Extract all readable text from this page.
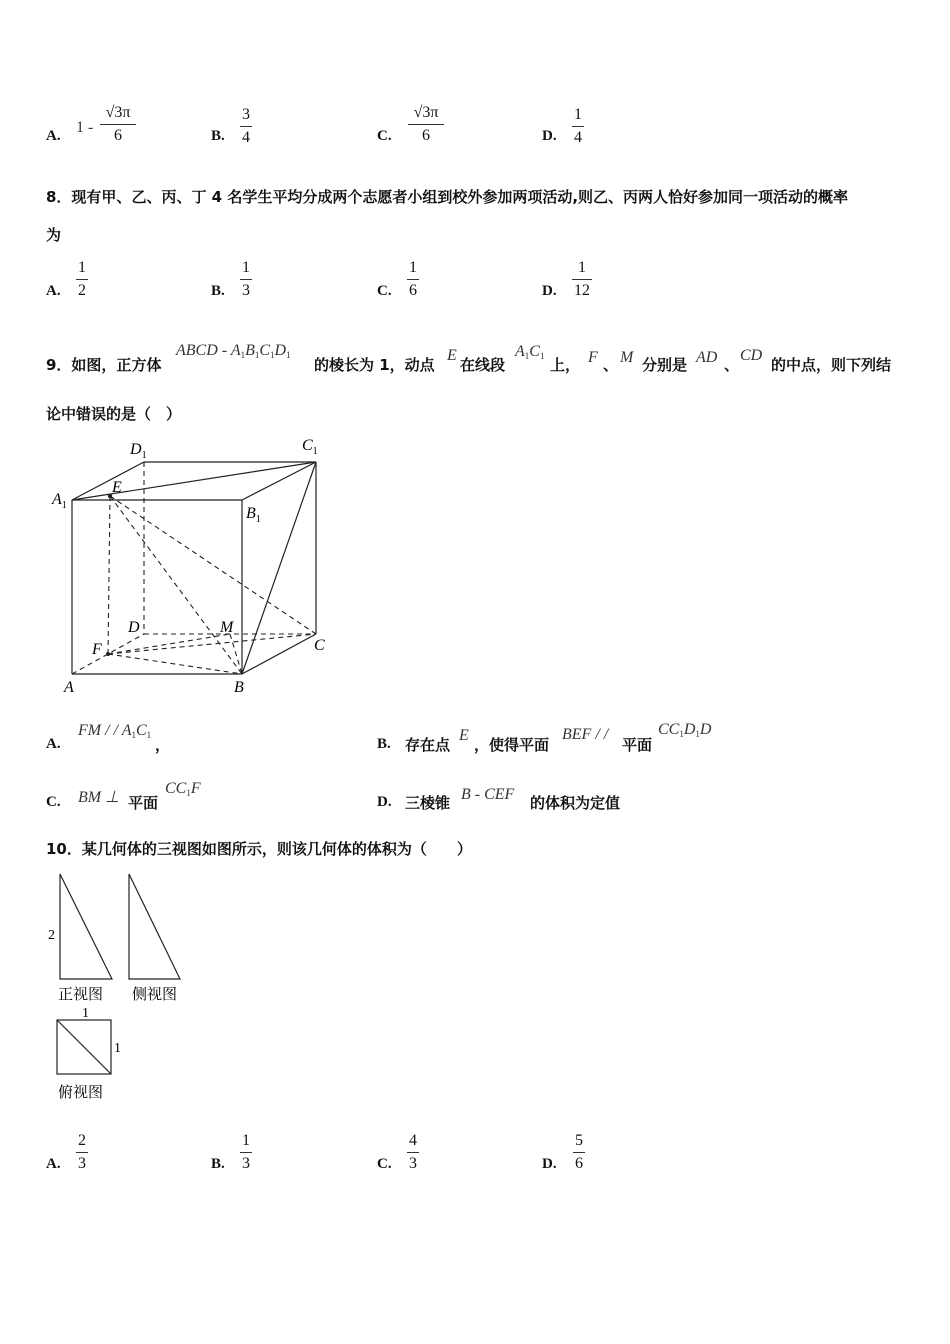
A. $1 - \frac{√3\pi}{6}$	B. $\frac{3}{4}$	C. $\frac{√3\pi}{6}$	D. $\frac{1}{4}$
8．现有甲、乙、丙、丁 4 名学生平均分成两个志愿者小组到校外参加两项活动,则乙、丙两人恰好参加同一项活动的概率
为
A. $\frac{1}{2}$	B. $\frac{1}{3}$	C. $\frac{1}{6}$	D. $\frac{1}{12}$
9．如图，正方体
ABCD - $A_1B_1C_1D_1$
的棱长为 1，动点
E
在线段
$A_1C_1$ 上， F 、 M 分别是 AD 、
CD
的中点，则下列结
论中错误的是（　）
$D_1$
$C_1$
$A_1$	$B_1$
E
D	M
C
F
A	B
A.
FM / / $A_1C_1$
，	B. 存在点
E
，使得平面
BEF / /
平面
$CC_1D_1D$
C. BM ⊥ 平面
$CC_1F$
D. 三棱锥 B - CEF 的体积为定值
10．某几何体的三视图如图所示，则该几何体的体积为（　　）
2
1
1
正视图 侧视图
俯视图
A. $\frac{2}{3}$	B. $\frac{1}{3}$	C. $\frac{4}{3}$	D. $\frac{5}{6}$
